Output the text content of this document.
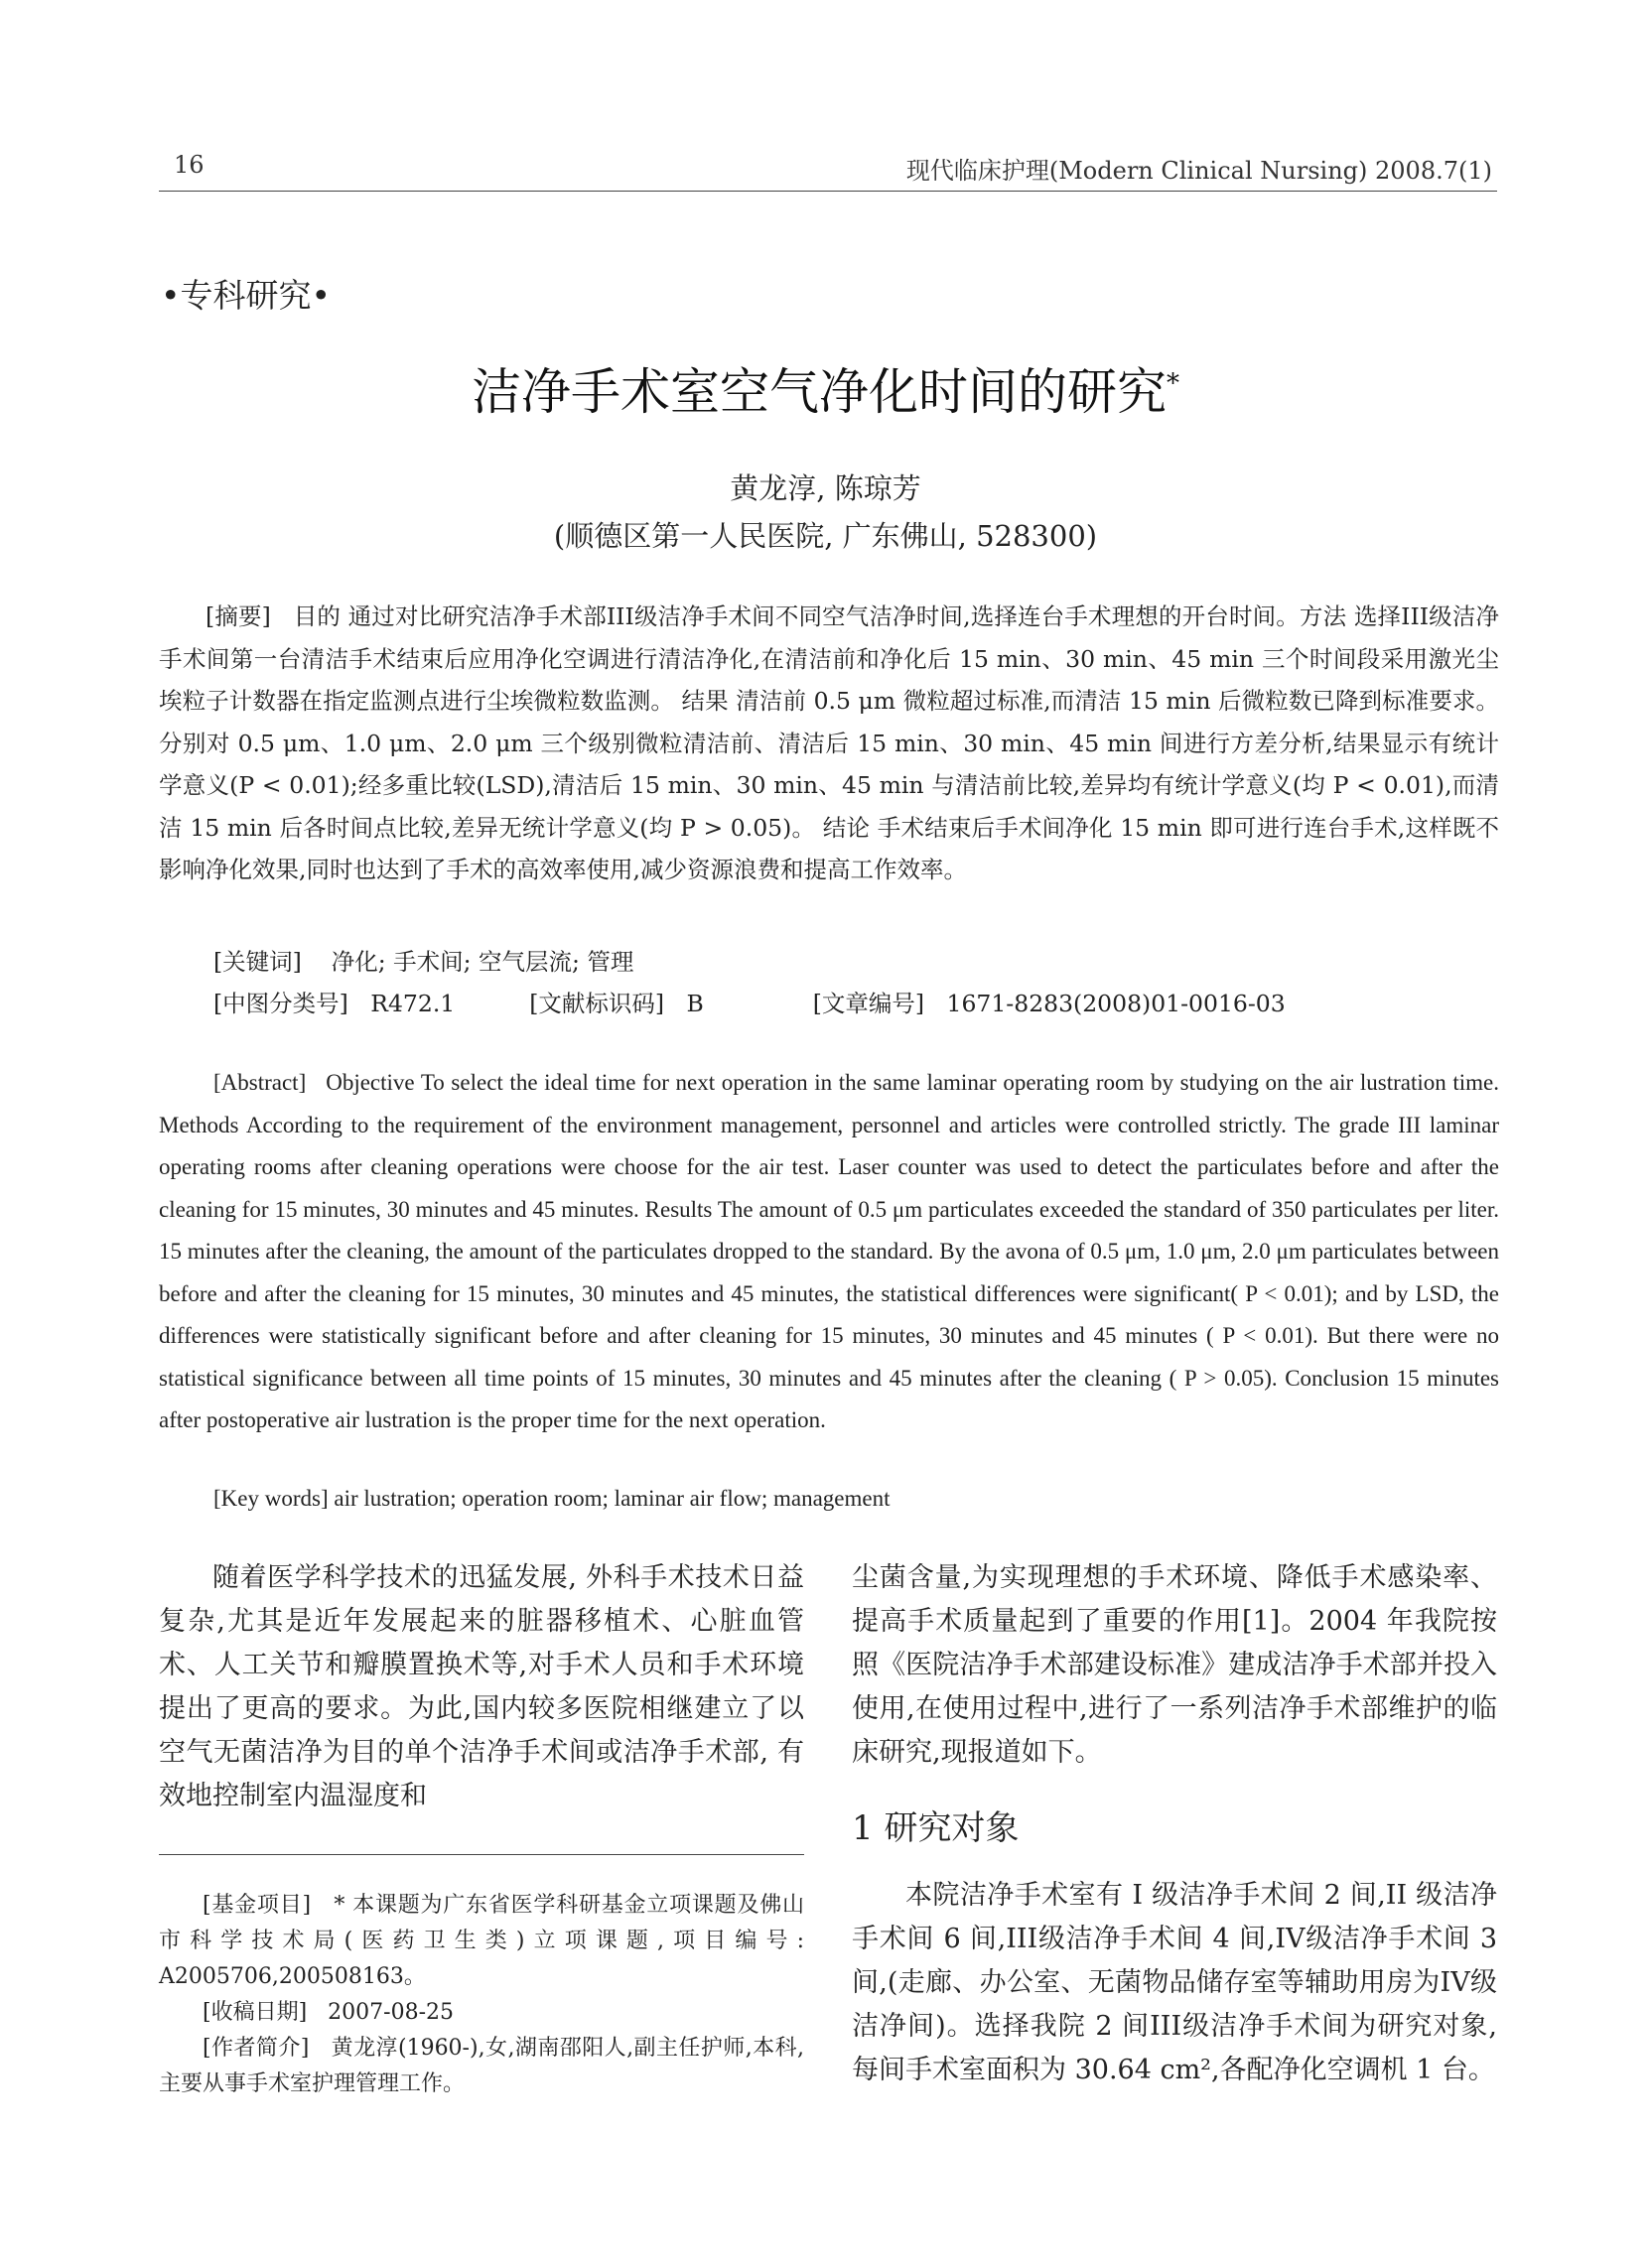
16	现代临床护理(Modern Clinical Nursing) 2008.7(1)
•专科研究•
洁净手术室空气净化时间的研究*
黄龙淳, 陈琼芳
(顺德区第一人民医院, 广东佛山, 528300)

[摘要] 目的 通过对比研究洁净手术部III级洁净手术间不同空气洁净时间,选择连台手术理想的开台时间。方法 选择III级洁净手术间第一台清洁手术结束后应用净化空调进行清洁净化,在清洁前和净化后 15 min、30 min、45 min 三个时间段采用激光尘埃粒子计数器在指定监测点进行尘埃微粒数监测。 结果 清洁前 0.5 μm 微粒超过标准,而清洁 15 min 后微粒数已降到标准要求。分别对 0.5 μm、1.0 μm、2.0 μm 三个级别微粒清洁前、清洁后 15 min、30 min、45 min 间进行方差分析,结果显示有统计学意义(P < 0.01);经多重比较(LSD),清洁后 15 min、30 min、45 min 与清洁前比较,差异均有统计学意义(均 P < 0.01),而清洁 15 min 后各时间点比较,差异无统计学意义(均 P > 0.05)。 结论 手术结束后手术间净化 15 min 即可进行连台手术,这样既不影响净化效果,同时也达到了手术的高效率使用,减少资源浪费和提高工作效率。

[关键词] 净化; 手术间; 空气层流; 管理
[中图分类号] R472.1	[文献标识码] B	[文章编号] 1671-8283(2008)01-0016-03

[Abstract] Objective To select the ideal time for next operation in the same laminar operating room by studying on the air lustration time. Methods According to the requirement of the environment management, personnel and articles were controlled strictly. The grade III laminar operating rooms after cleaning operations were choose for the air test. Laser counter was used to detect the particulates before and after the cleaning for 15 minutes, 30 minutes and 45 minutes. Results The amount of 0.5 μm particulates exceeded the standard of 350 particulates per liter. 15 minutes after the cleaning, the amount of the particulates dropped to the standard. By the avona of 0.5 μm, 1.0 μm, 2.0 μm particulates between before and after the cleaning for 15 minutes, 30 minutes and 45 minutes, the statistical differences were significant( P < 0.01); and by LSD, the differences were statistically significant before and after cleaning for 15 minutes, 30 minutes and 45 minutes ( P < 0.01). But there were no statistical significance between all time points of 15 minutes, 30 minutes and 45 minutes after the cleaning ( P > 0.05). Conclusion 15 minutes after postoperative air lustration is the proper time for the next operation.

[Key words] air lustration; operation room; laminar air flow; management
随着医学科学技术的迅猛发展, 外科手术技术日益复杂,尤其是近年发展起来的脏器移植术、心脏血管术、人工关节和瓣膜置换术等,对手术人员和手术环境提出了更高的要求。为此,国内较多医院相继建立了以空气无菌洁净为目的单个洁净手术间或洁净手术部, 有效地控制室内温湿度和

[基金项目] * 本课题为广东省医学科研基金立项课题及佛山市科学技术局(医药卫生类)立项课题,项目编号: A2005706,200508163。

[收稿日期] 2007-08-25

[作者简介] 黄龙淳(1960-),女,湖南邵阳人,副主任护师,本科,主要从事手术室护理管理工作。

尘菌含量,为实现理想的手术环境、降低手术感染率、提高手术质量起到了重要的作用[1]。2004 年我院按照《医院洁净手术部建设标准》建成洁净手术部并投入使用,在使用过程中,进行了一系列洁净手术部维护的临床研究,现报道如下。
1 研究对象
本院洁净手术室有 I 级洁净手术间 2 间,II 级洁净手术间 6 间,III级洁净手术间 4 间,IV级洁净手术间 3 间,(走廊、办公室、无菌物品储存室等辅助用房为IV级洁净间)。选择我院 2 间III级洁净手术间为研究对象,每间手术室面积为 30.64 cm²,各配净化空调机 1 台。
